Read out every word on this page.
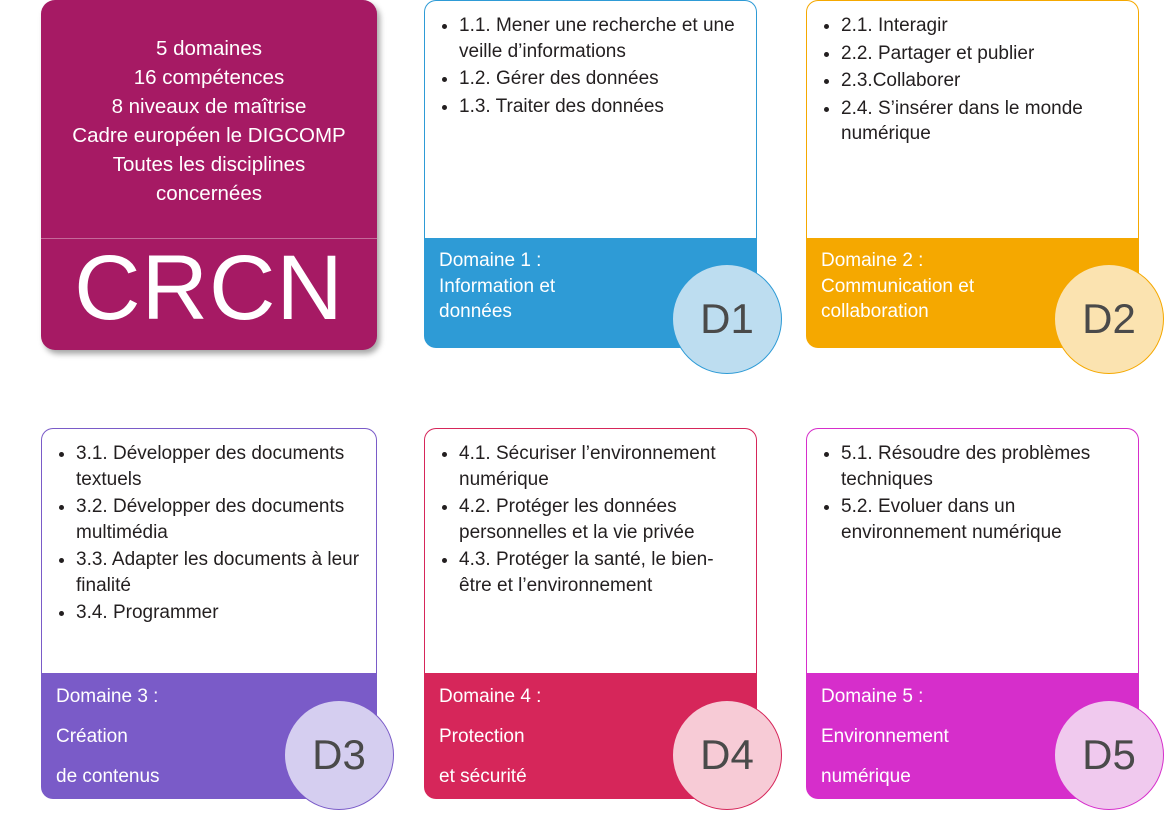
5 domaines
16 compétences
8 niveaux de maîtrise
Cadre européen le DIGCOMP
Toutes les disciplines
concernées
CRCN
• 1.1. Mener une recherche et une veille d’informations
• 1.2. Gérer des données
• 1.3. Traiter des données
Domaine 1 :
Information et
données	D1
• 2.1. Interagir
• 2.2. Partager et publier
• 2.3.Collaborer
• 2.4. S’insérer dans le monde numérique
Domaine 2 :
Communication et
collaboration	D2
• 3.1. Développer des documents textuels
• 3.2. Développer des documents multimédia
• 3.3. Adapter les documents à leur finalité
• 3.4. Programmer
Domaine 3 :
Création
de contenus	D3
• 4.1. Sécuriser l’environnement numérique
• 4.2. Protéger les données personnelles et la vie privée
• 4.3. Protéger la santé, le bien-être et l’environnement
Domaine 4 :
Protection
et sécurité	D4
• 5.1. Résoudre des problèmes techniques
• 5.2. Evoluer dans un environnement numérique
Domaine 5 :
Environnement
numérique	D5
